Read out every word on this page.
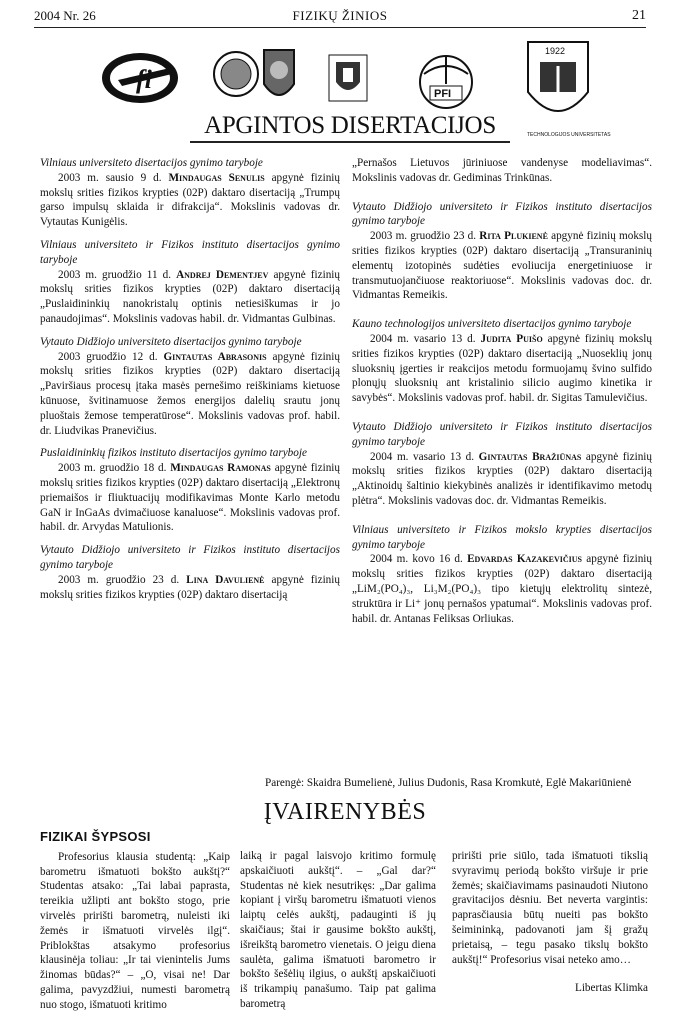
2004 Nr. 26	FIZIKŲ ŽINIOS	21
fi	PFI
1922
TECHNOLOGIJOS UNIVERSITETAS
APGINTOS DISERTACIJOS

Vilniaus universiteto disertacijos gynimo taryboje

2003 m. sausio 9 d. Mindaugas Senulis apgynė fizinių mokslų srities fizikos krypties (02P) daktaro disertaciją „Trumpų garso impulsų sklaida ir difrakcija“. Mokslinis vadovas dr. Vytautas Kunigėlis.

Vilniaus universiteto ir Fizikos instituto disertacijos gynimo taryboje

2003 m. gruodžio 11 d. Andrej Dementjev apgynė fizinių mokslų srities fizikos krypties (02P) daktaro disertaciją „Puslaidininkių nanokristalų optinis netiesiškumas ir jo panaudojimas“. Mokslinis vadovas habil. dr. Vidmantas Gulbinas.

Vytauto Didžiojo universiteto disertacijos gynimo taryboje

2003 gruodžio 12 d. Gintautas Abrasonis apgynė fizinių mokslų srities fizikos krypties (02P) daktaro disertaciją „Paviršiaus procesų įtaka masės pernešimo reiškiniams kietuose kūnuose, švitinamuose žemos energijos dalelių srautu jonų pluoštais žemose temperatūrose“. Mokslinis vadovas prof. habil. dr. Liudvikas Pranevičius.

Puslaidininkių fizikos instituto disertacijos gynimo taryboje

2003 m. gruodžio 18 d. Mindaugas Ramonas apgynė fizinių mokslų srities fizikos krypties (02P) daktaro disertaciją „Elektronų priemaišos ir fliuktuacijų modifikavimas Monte Karlo metodu GaN ir InGaAs dvimačiuose kanaluose“. Mokslinis vadovas prof. habil. dr. Arvydas Matulionis.

Vytauto Didžiojo universiteto ir Fizikos instituto disertacijos gynimo taryboje

2003 m. gruodžio 23 d. Lina Davulienė apgynė fizinių mokslų srities fizikos krypties (02P) daktaro disertaciją

„Pernašos Lietuvos jūriniuose vandenyse modeliavimas“. Mokslinis vadovas dr. Gediminas Trinkūnas.

Vytauto Didžiojo universiteto ir Fizikos instituto disertacijos gynimo taryboje

2003 m. gruodžio 23 d. Rita Plukienė apgynė fizinių mokslų srities fizikos krypties (02P) daktaro disertaciją „Transuraninių elementų izotopinės sudėties evoliucija energetiniuose ir transmutuojančiuose reaktoriuose“. Mokslinis vadovas doc. dr. Vidmantas Remeikis.

Kauno technologijos universiteto disertacijos gynimo taryboje

2004 m. vasario 13 d. Judita Puišo apgynė fizinių mokslų srities fizikos krypties (02P) daktaro disertaciją „Nuoseklių jonų sluoksnių įgerties ir reakcijos metodu formuojamų švino sulfido plonųjų sluoksnių ant kristalinio silicio augimo kinetika ir savybės“. Mokslinis vadovas prof. habil. dr. Sigitas Tamulevičius.

Vytauto Didžiojo universiteto ir Fizikos instituto disertacijos gynimo taryboje

2004 m. vasario 13 d. Gintautas Bražiūnas apgynė fizinių mokslų srities fizikos krypties (02P) daktaro disertaciją „Aktinoidų šaltinio kiekybinės analizės ir identifikavimo metodų plėtra“. Mokslinis vadovas doc. dr. Vidmantas Remeikis.

Vilniaus universiteto ir Fizikos mokslo krypties disertacijos gynimo taryboje

2004 m. kovo 16 d. Edvardas Kazakevičius apgynė fizinių mokslų srities fizikos krypties (02P) daktaro disertaciją „LiM₂(PO₄)₃, Li₃M₂(PO₄)₃ tipo kietųjų elektrolitų sintezė, struktūra ir Li⁺ jonų pernašos ypatumai“. Mokslinis vadovas prof. habil. dr. Antanas Feliksas Orliukas.

Parengė: Skaidra Bumelienė, Julius Dudonis, Rasa Kromkutė, Eglė Makariūnienė
ĮVAIRENYBĖS

FIZIKAI ŠYPSOSI

Profesorius klausia studentą: „Kaip barometru išmatuoti bokšto aukštį?“ Studentas atsako: „Tai labai paprasta, tereikia užlipti ant bokšto stogo, prie virvelės pririšti barometrą, nuleisti iki žemės ir išmatuoti virvelės ilgį“. Priblokštas atsakymo profesorius klausinėja toliau: „Ir tai vienintelis Jums žinomas būdas?“ – „O, visai ne! Dar galima, pavyzdžiui, numesti barometrą nuo stogo, išmatuoti kritimo

laiką ir pagal laisvojo kritimo formulę apskaičiuoti aukštį“. – „Gal dar?“ Studentas nė kiek nesutrikęs: „Dar galima kopiant į viršų barometru išmatuoti vienos laiptų celės aukštį, padauginti iš jų skaičiaus; štai ir gausime bokšto aukštį, išreikštą barometro vienetais. O jeigu diena saulėta, galima išmatuoti barometro ir bokšto šešėlių ilgius, o aukštį apskaičiuoti iš trikampių panašumo. Taip pat galima barometrą

pririšti prie siūlo, tada išmatuoti tikslią svyravimų periodą bokšto viršuje ir prie žemės; skaičiavimams pasinaudoti Niutono gravitacijos dėsniu. Bet neverta vargintis: paprasčiausia būtų nueiti pas bokšto šeimininką, padovanoti jam šį gražų prietaisą, – tegu pasako tikslų bokšto aukštį!“ Profesorius visai neteko amo…

Libertas Klimka
